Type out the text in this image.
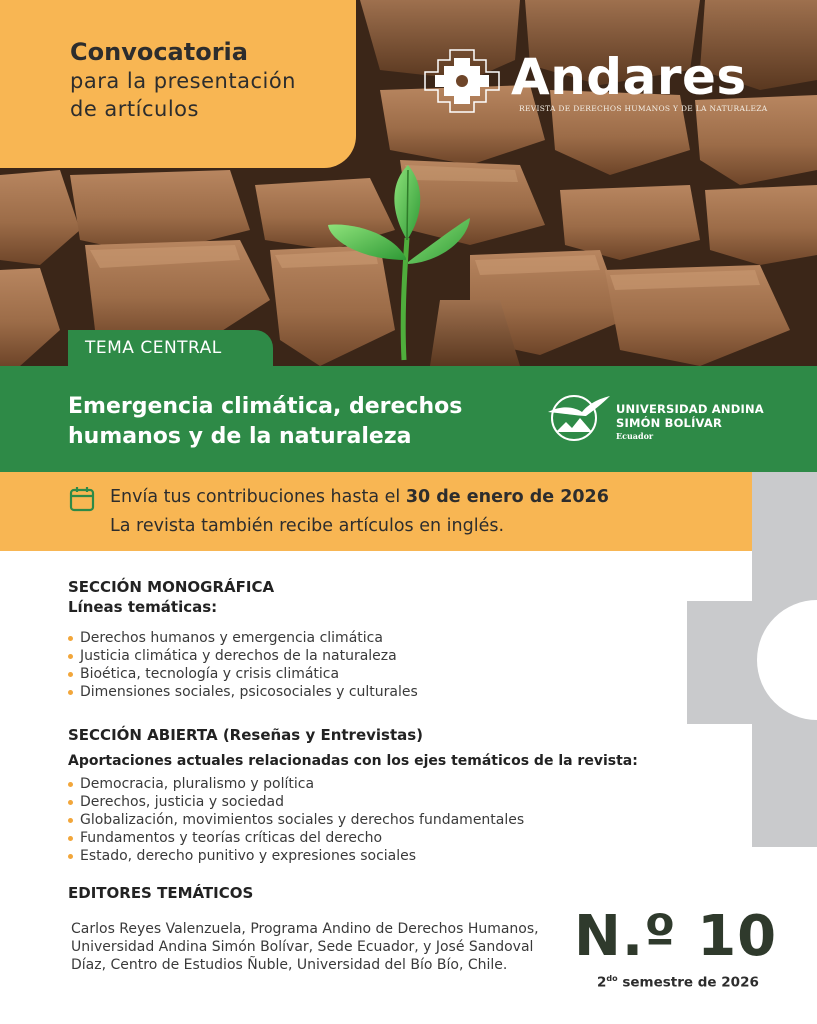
Convocatoria

para la presentación

de artículos

Andares
REVISTA DE DERECHOS HUMANOS Y DE LA NATURALEZA
TEMA CENTRAL
Emergencia climática, derechos
humanos y de la naturaleza
UNIVERSIDAD ANDINA
SIMÓN BOLÍVAR
Ecuador
Envía tus contribuciones hasta el 30 de enero de 2026
La revista también recibe artículos en inglés.

SECCIÓN MONOGRÁFICA

Líneas temáticas:

Derechos humanos y emergencia climática
Justicia climática y derechos de la naturaleza
Bioética, tecnología y crisis climática
Dimensiones sociales, psicosociales y culturales

SECCIÓN ABIERTA (Reseñas y Entrevistas)

Aportaciones actuales relacionadas con los ejes temáticos de la revista:

Democracia, pluralismo y política
Derechos, justicia y sociedad
Globalización, movimientos sociales y derechos fundamentales
Fundamentos y teorías críticas del derecho
Estado, derecho punitivo y expresiones sociales

EDITORES TEMÁTICOS

Carlos Reyes Valenzuela, Programa Andino de Derechos Humanos, Universidad Andina Simón Bolívar, Sede Ecuador, y José Sandoval Díaz, Centro de Estudios Ñuble, Universidad del Bío Bío, Chile.	N.º 10
$2^{do}$ semestre de 2026
